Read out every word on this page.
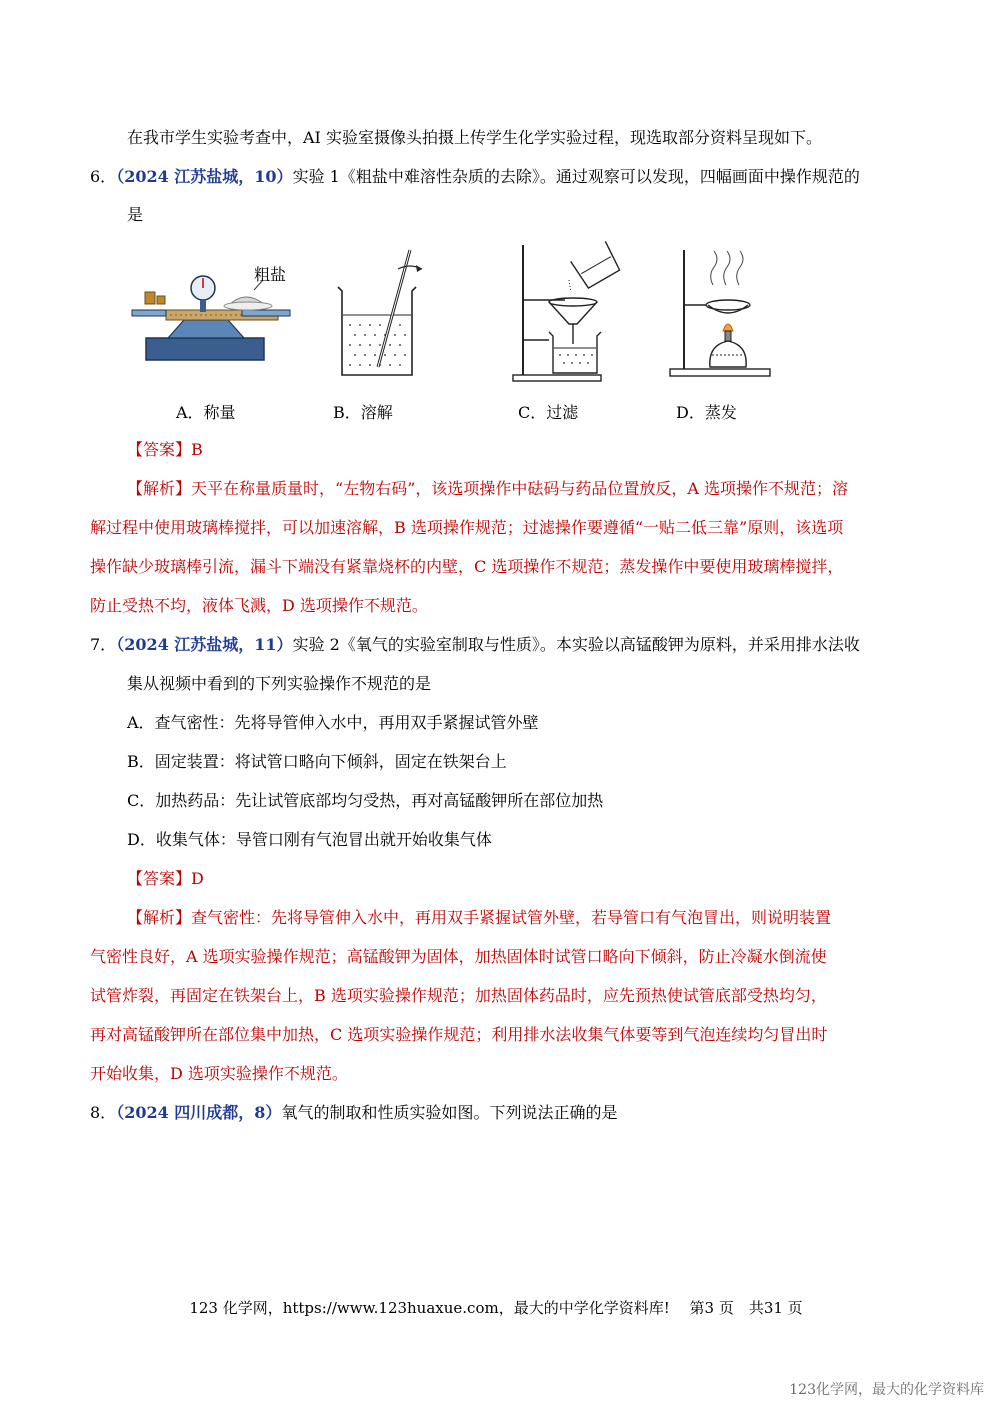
在我市学生实验考查中，AI 实验室摄像头拍摄上传学生化学实验过程，现选取部分资料呈现如下。
6．（2024 江苏盐城，10）实验 1《粗盐中难溶性杂质的去除》。通过观察可以发现，四幅画面中操作规范的
是
粗盐
A．称量	B．溶解	C．过滤	D．蒸发
【答案】B
【解析】天平在称量质量时，“左物右码”，该选项操作中砝码与药品位置放反，A 选项操作不规范；溶
解过程中使用玻璃棒搅拌，可以加速溶解，B 选项操作规范；过滤操作要遵循“一贴二低三靠”原则，该选项
操作缺少玻璃棒引流，漏斗下端没有紧靠烧杯的内壁，C 选项操作不规范；蒸发操作中要使用玻璃棒搅拌，
防止受热不均，液体飞溅，D 选项操作不规范。
7．（2024 江苏盐城，11）实验 2《氧气的实验室制取与性质》。本实验以高锰酸钾为原料，并采用排水法收
集从视频中看到的下列实验操作不规范的是
A．查气密性：先将导管伸入水中，再用双手紧握试管外壁
B．固定装置：将试管口略向下倾斜，固定在铁架台上
C．加热药品：先让试管底部均匀受热，再对高锰酸钾所在部位加热
D．收集气体：导管口刚有气泡冒出就开始收集气体
【答案】D
【解析】查气密性：先将导管伸入水中，再用双手紧握试管外壁，若导管口有气泡冒出，则说明装置
气密性良好，A 选项实验操作规范；高锰酸钾为固体，加热固体时试管口略向下倾斜，防止冷凝水倒流使
试管炸裂，再固定在铁架台上，B 选项实验操作规范；加热固体药品时，应先预热使试管底部受热均匀，
再对高锰酸钾所在部位集中加热，C 选项实验操作规范；利用排水法收集气体要等到气泡连续均匀冒出时
开始收集，D 选项实验操作不规范。
8．（2024 四川成都，8）氧气的制取和性质实验如图。下列说法正确的是
123 化学网，https://www.123huaxue.com，最大的中学化学资料库!　 第3 页　共31 页
123化学网，最大的化学资料库
